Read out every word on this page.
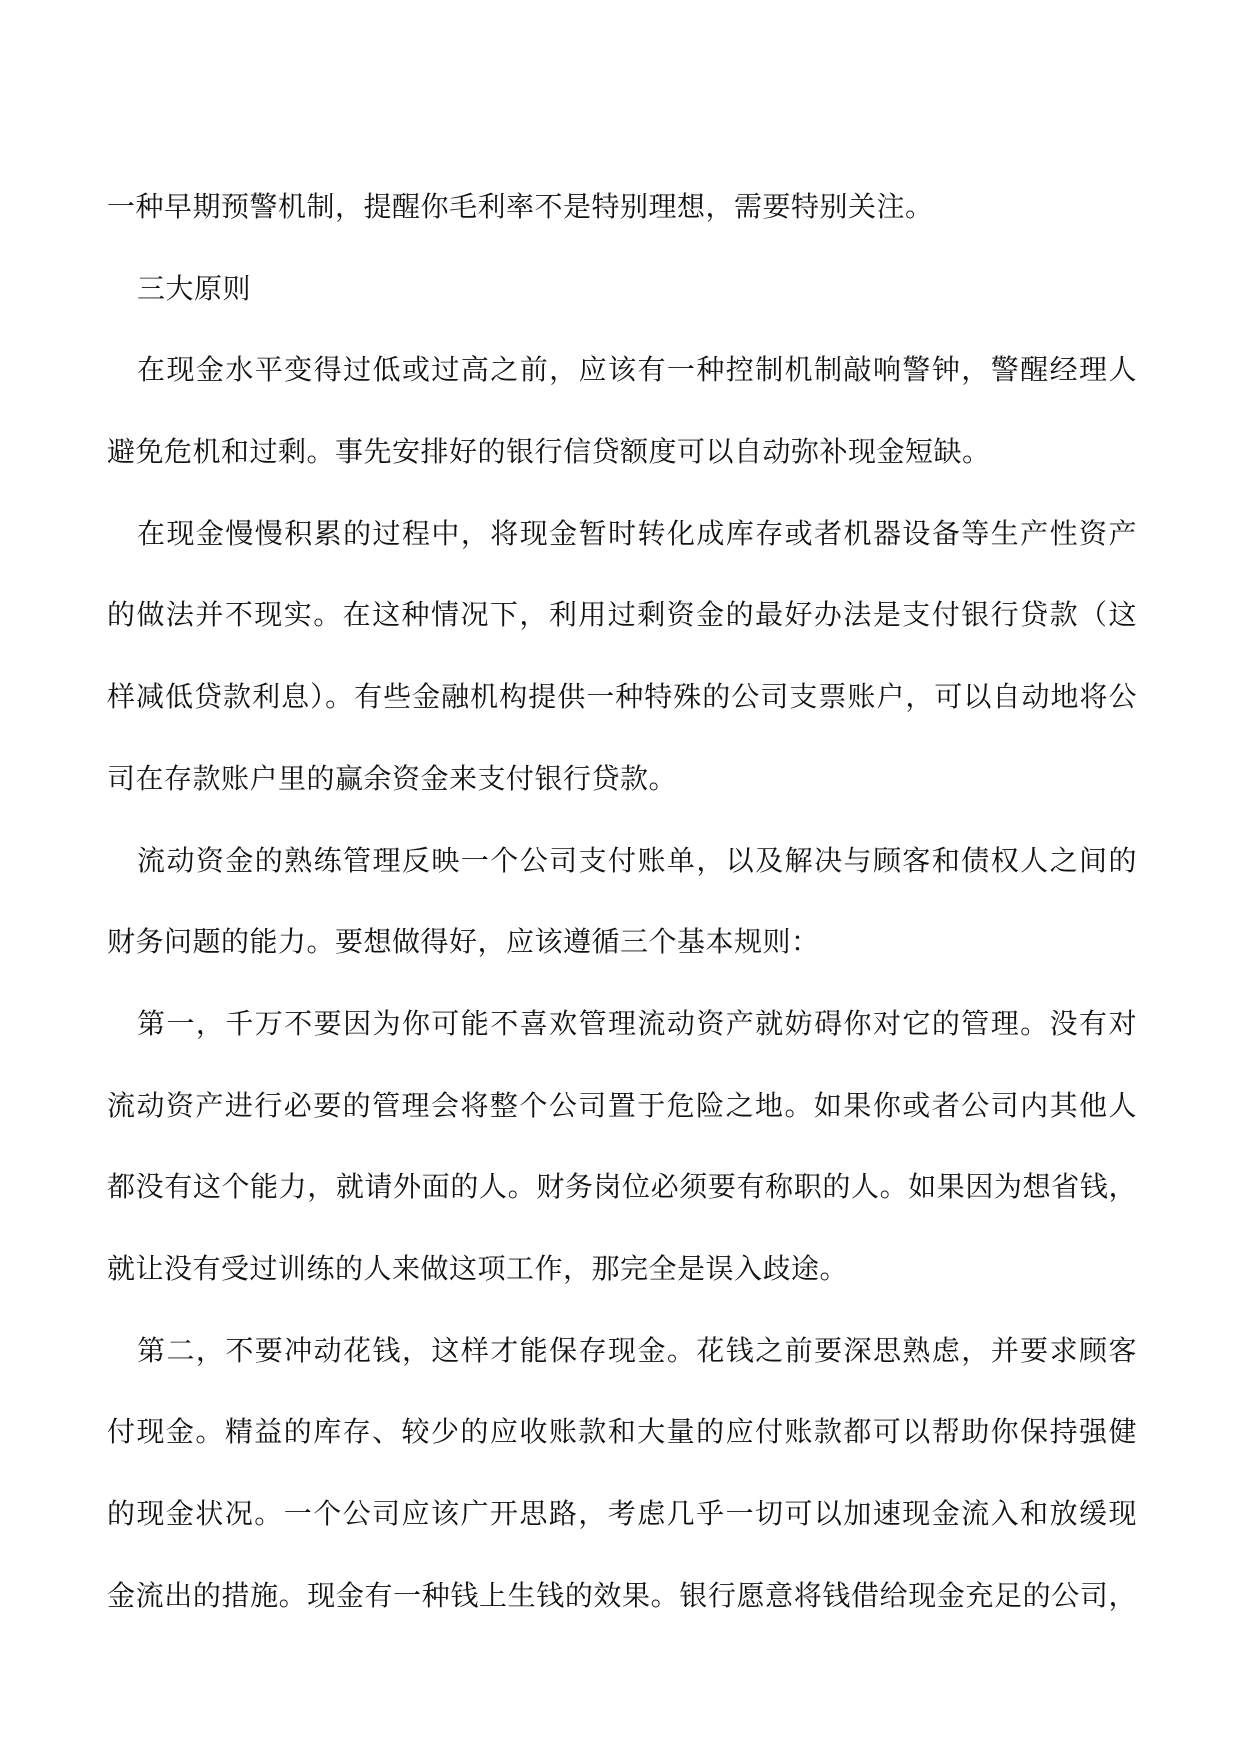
一种早期预警机制，提醒你毛利率不是特别理想，需要特别关注。
三大原则
在现金水平变得过低或过高之前，应该有一种控制机制敲响警钟，警醒经理人
避免危机和过剩。事先安排好的银行信贷额度可以自动弥补现金短缺。
在现金慢慢积累的过程中，将现金暂时转化成库存或者机器设备等生产性资产
的做法并不现实。在这种情况下，利用过剩资金的最好办法是支付银行贷款（这
样减低贷款利息）。有些金融机构提供一种特殊的公司支票账户，可以自动地将公
司在存款账户里的赢余资金来支付银行贷款。
流动资金的熟练管理反映一个公司支付账单，以及解决与顾客和债权人之间的
财务问题的能力。要想做得好，应该遵循三个基本规则：
第一，千万不要因为你可能不喜欢管理流动资产就妨碍你对它的管理。没有对
流动资产进行必要的管理会将整个公司置于危险之地。如果你或者公司内其他人
都没有这个能力，就请外面的人。财务岗位必须要有称职的人。如果因为想省钱，
就让没有受过训练的人来做这项工作，那完全是误入歧途。
第二，不要冲动花钱，这样才能保存现金。花钱之前要深思熟虑，并要求顾客
付现金。精益的库存、较少的应收账款和大量的应付账款都可以帮助你保持强健
的现金状况。一个公司应该广开思路，考虑几乎一切可以加速现金流入和放缓现
金流出的措施。现金有一种钱上生钱的效果。银行愿意将钱借给现金充足的公司，
